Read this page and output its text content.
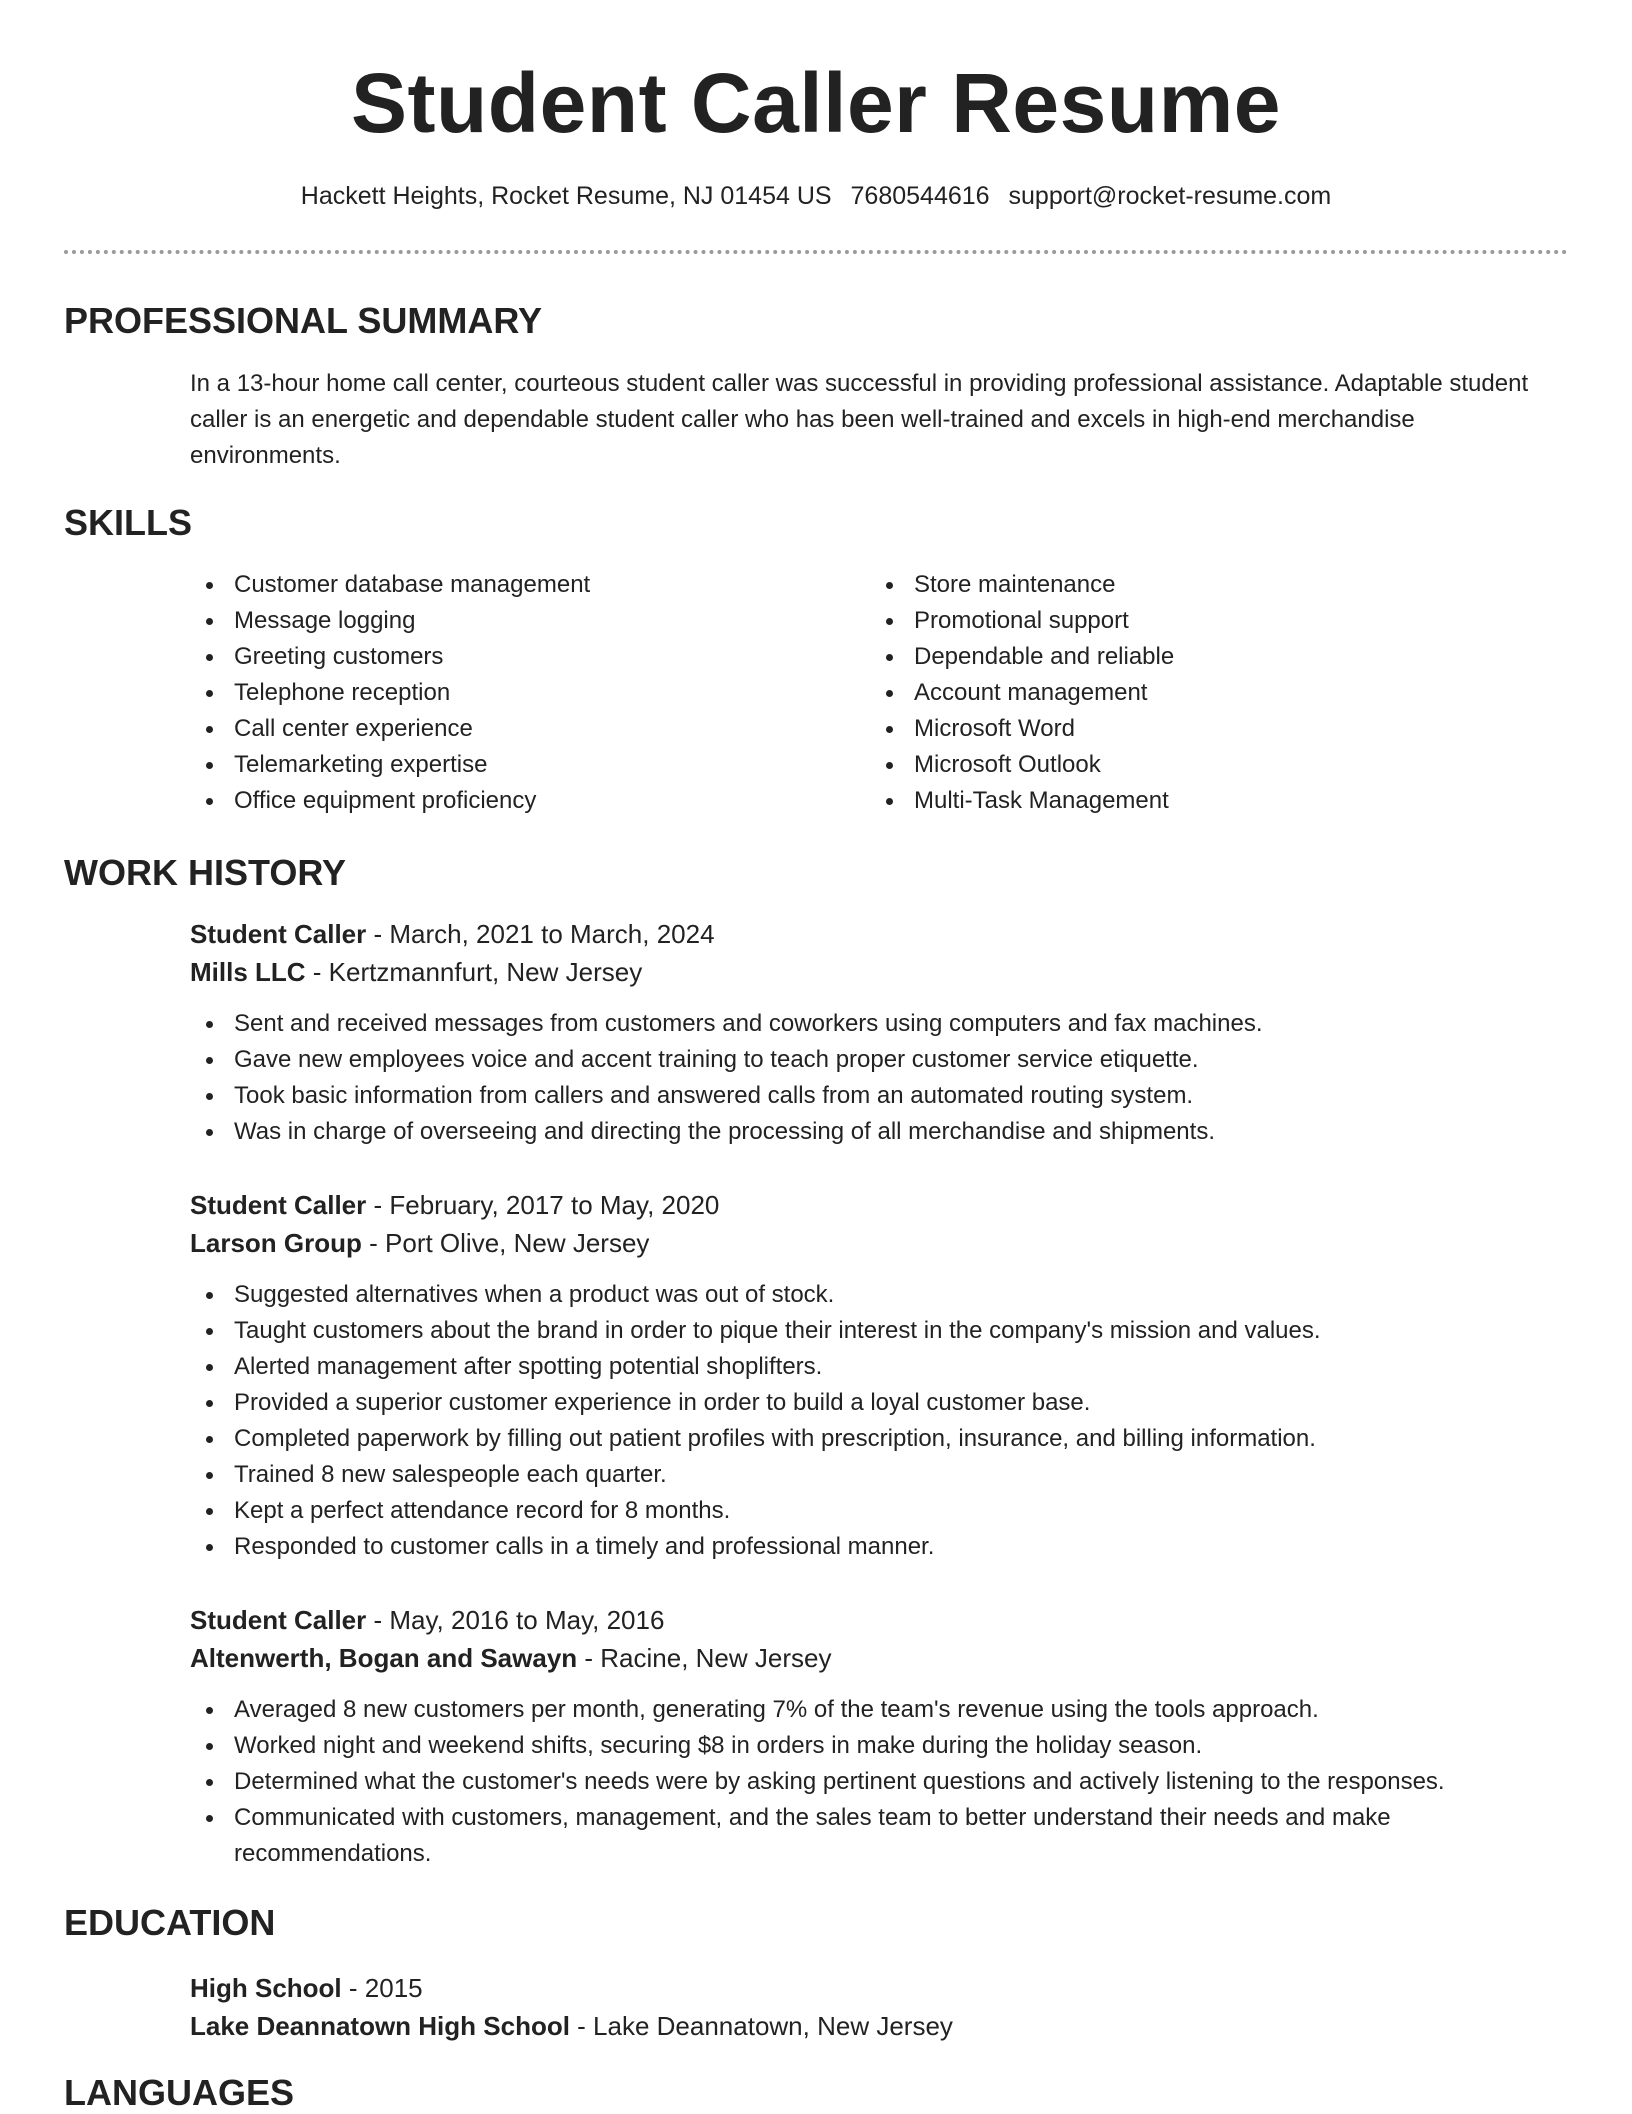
Student Caller Resume
Hackett Heights, Rocket Resume, NJ 01454 US 7680544616 support@rocket-resume.com
PROFESSIONAL SUMMARY
In a 13-hour home call center, courteous student caller was successful in providing professional assistance. Adaptable student caller is an energetic and dependable student caller who has been well-trained and excels in high-end merchandise environments.
SKILLS
Customer database management
Message logging
Greeting customers
Telephone reception
Call center experience
Telemarketing expertise
Office equipment proficiency
Store maintenance
Promotional support
Dependable and reliable
Account management
Microsoft Word
Microsoft Outlook
Multi-Task Management
WORK HISTORY
Student Caller - March, 2021 to March, 2024
Mills LLC - Kertzmannfurt, New Jersey
Sent and received messages from customers and coworkers using computers and fax machines.
Gave new employees voice and accent training to teach proper customer service etiquette.
Took basic information from callers and answered calls from an automated routing system.
Was in charge of overseeing and directing the processing of all merchandise and shipments.
Student Caller - February, 2017 to May, 2020
Larson Group - Port Olive, New Jersey
Suggested alternatives when a product was out of stock.
Taught customers about the brand in order to pique their interest in the company's mission and values.
Alerted management after spotting potential shoplifters.
Provided a superior customer experience in order to build a loyal customer base.
Completed paperwork by filling out patient profiles with prescription, insurance, and billing information.
Trained 8 new salespeople each quarter.
Kept a perfect attendance record for 8 months.
Responded to customer calls in a timely and professional manner.
Student Caller - May, 2016 to May, 2016
Altenwerth, Bogan and Sawayn - Racine, New Jersey
Averaged 8 new customers per month, generating 7% of the team's revenue using the tools approach.
Worked night and weekend shifts, securing $8 in orders in make during the holiday season.
Determined what the customer's needs were by asking pertinent questions and actively listening to the responses.
Communicated with customers, management, and the sales team to better understand their needs and make recommendations.
EDUCATION
High School - 2015
Lake Deannatown High School - Lake Deannatown, New Jersey
LANGUAGES
